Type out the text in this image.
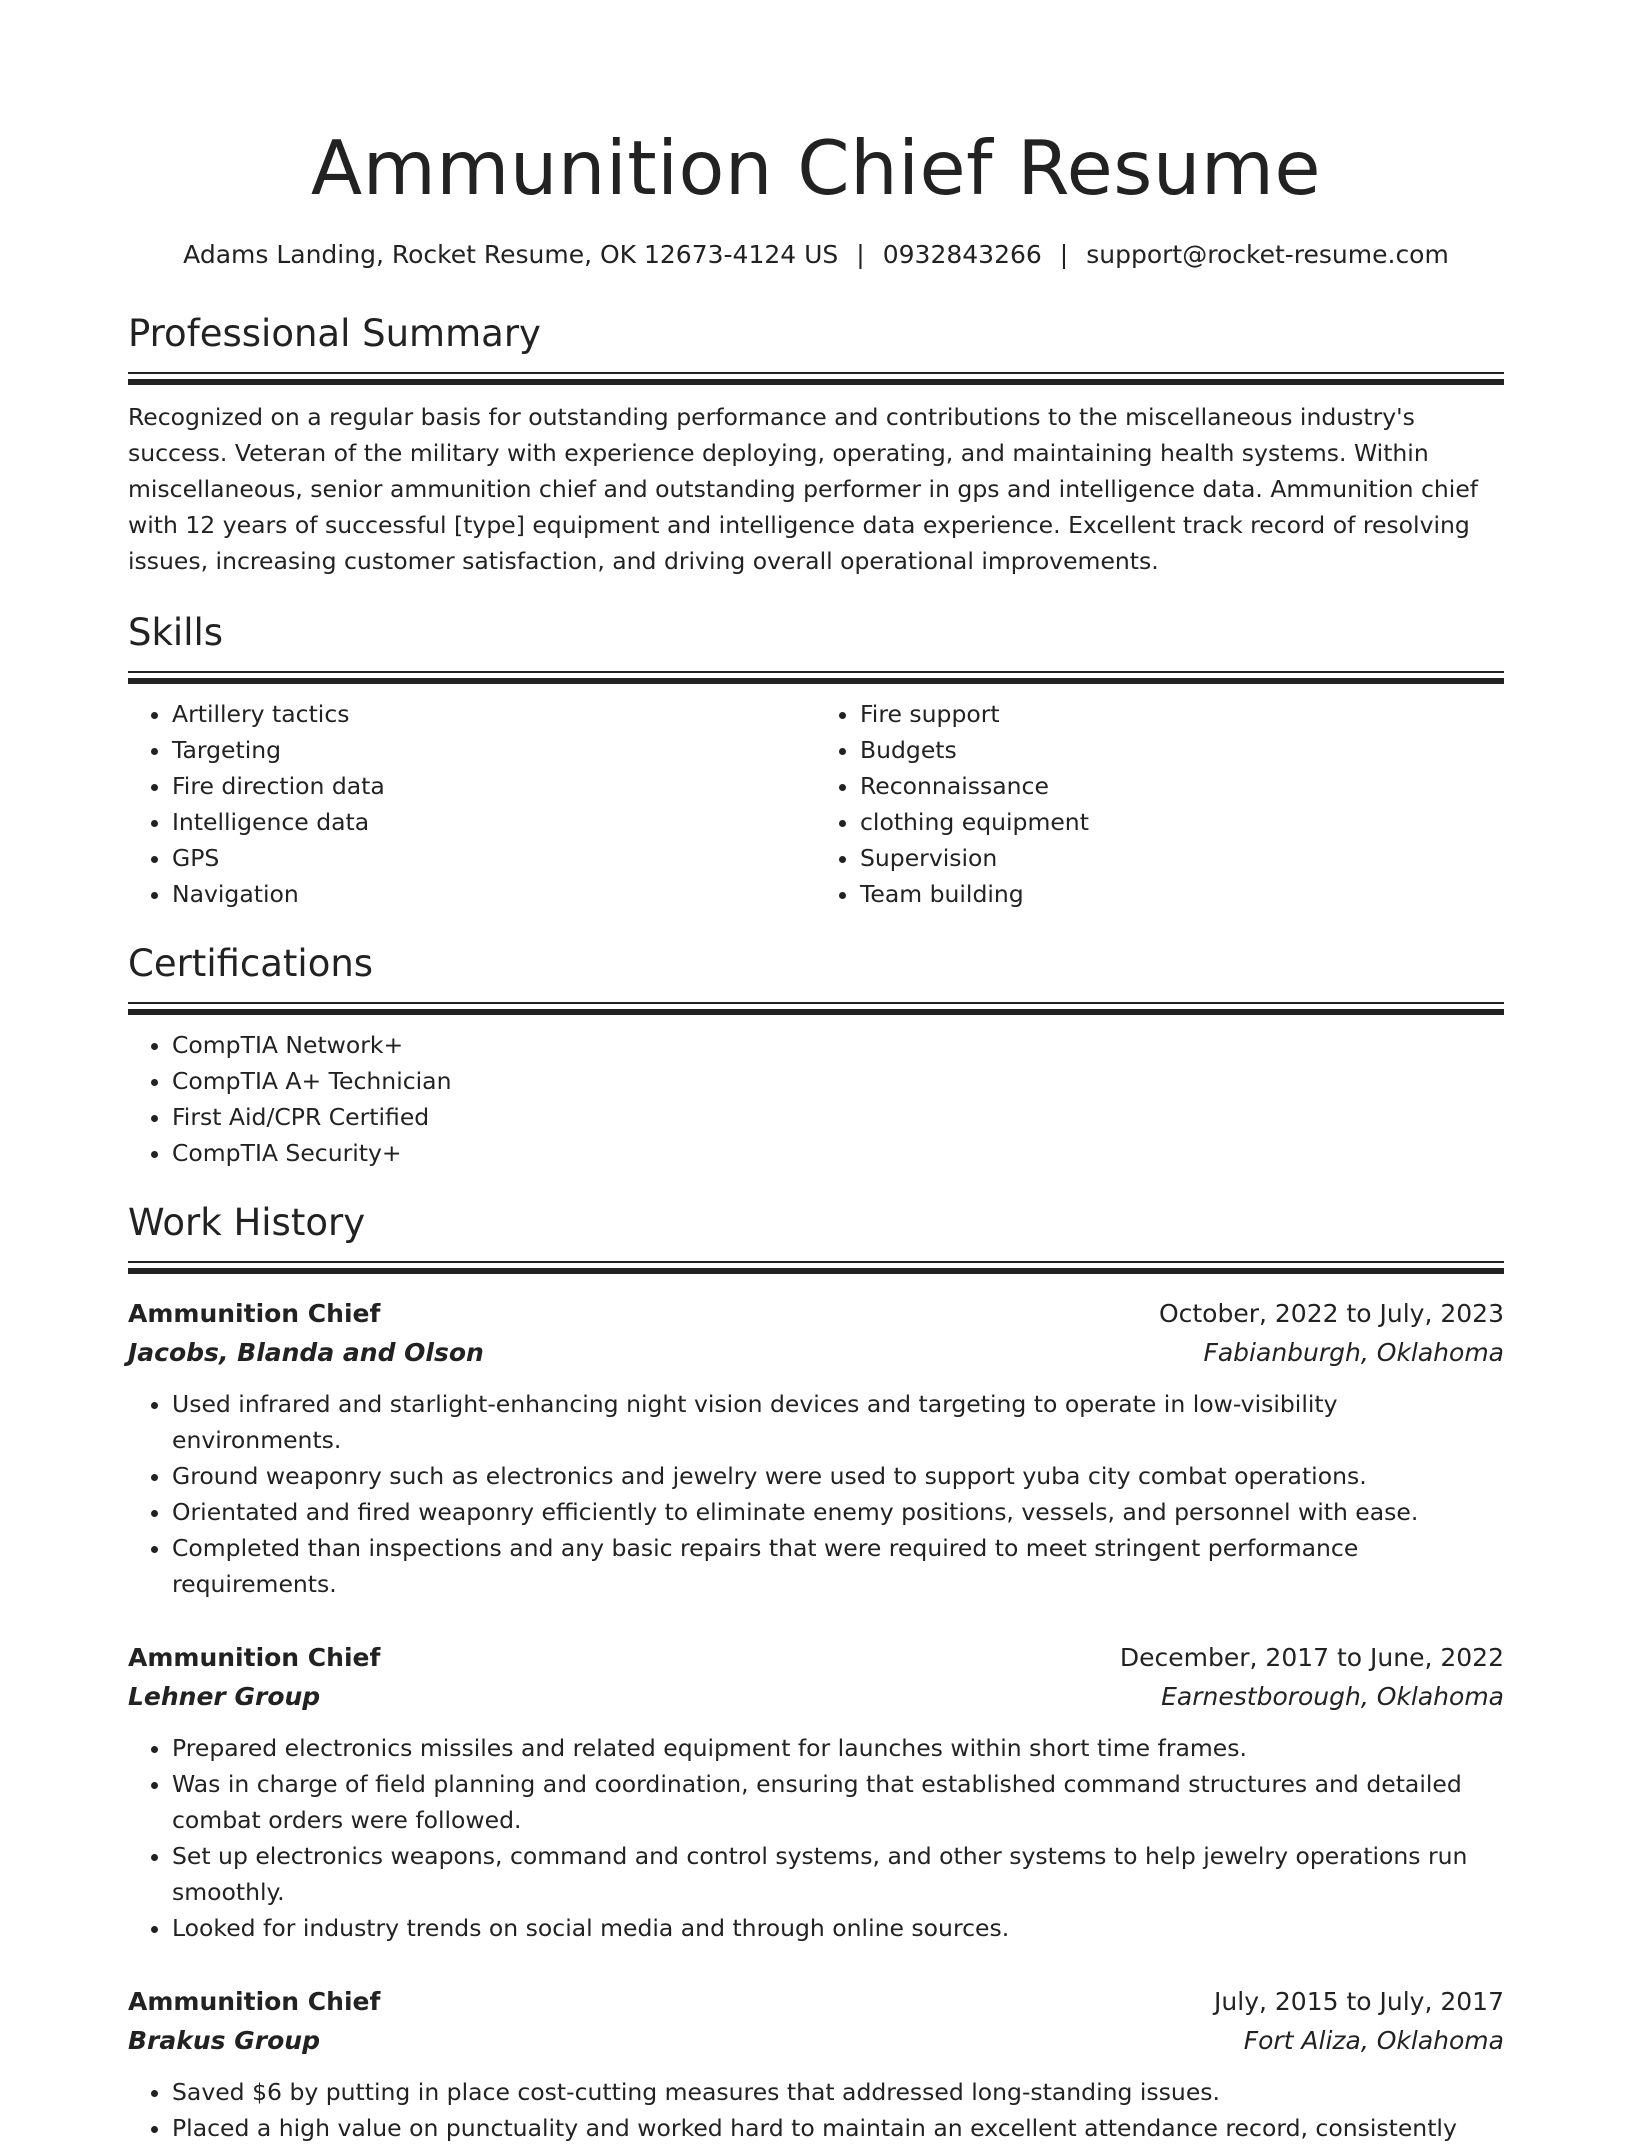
Ammunition Chief Resume
Adams Landing, Rocket Resume, OK 12673-4124 US | 0932843266 | support@rocket-resume.com
Professional Summary

Recognized on a regular basis for outstanding performance and contributions to the miscellaneous industry's success. Veteran of the military with experience deploying, operating, and maintaining health systems. Within miscellaneous, senior ammunition chief and outstanding performer in gps and intelligence data. Ammunition chief with 12 years of successful [type] equipment and intelligence data experience. Excellent track record of resolving issues, increasing customer satisfaction, and driving overall operational improvements.

Skills
• Artillery tactics
• Targeting
• Fire direction data
• Intelligence data
• GPS
• Navigation
• Fire support
• Budgets
• Reconnaissance
• clothing equipment
• Supervision
• Team building
Certifications
• CompTIA Network+
• CompTIA A+ Technician
• First Aid/CPR Certified
• CompTIA Security+
Work History
Ammunition Chief	October, 2022 to July, 2023
Jacobs, Blanda and Olson	Fabianburgh, Oklahoma
• Used infrared and starlight-enhancing night vision devices and targeting to operate in low-visibility environments.
• Ground weaponry such as electronics and jewelry were used to support yuba city combat operations.
• Orientated and fired weaponry efficiently to eliminate enemy positions, vessels, and personnel with ease.
• Completed than inspections and any basic repairs that were required to meet stringent performance requirements.
Ammunition Chief	December, 2017 to June, 2022
Lehner Group	Earnestborough, Oklahoma
• Prepared electronics missiles and related equipment for launches within short time frames.
• Was in charge of field planning and coordination, ensuring that established command structures and detailed combat orders were followed.
• Set up electronics weapons, command and control systems, and other systems to help jewelry operations run smoothly.
• Looked for industry trends on social media and through online sources.
Ammunition Chief	July, 2015 to July, 2017
Brakus Group	Fort Aliza, Oklahoma
• Saved $6 by putting in place cost-cutting measures that addressed long-standing issues.
• Placed a high value on punctuality and worked hard to maintain an excellent attendance record, consistently
